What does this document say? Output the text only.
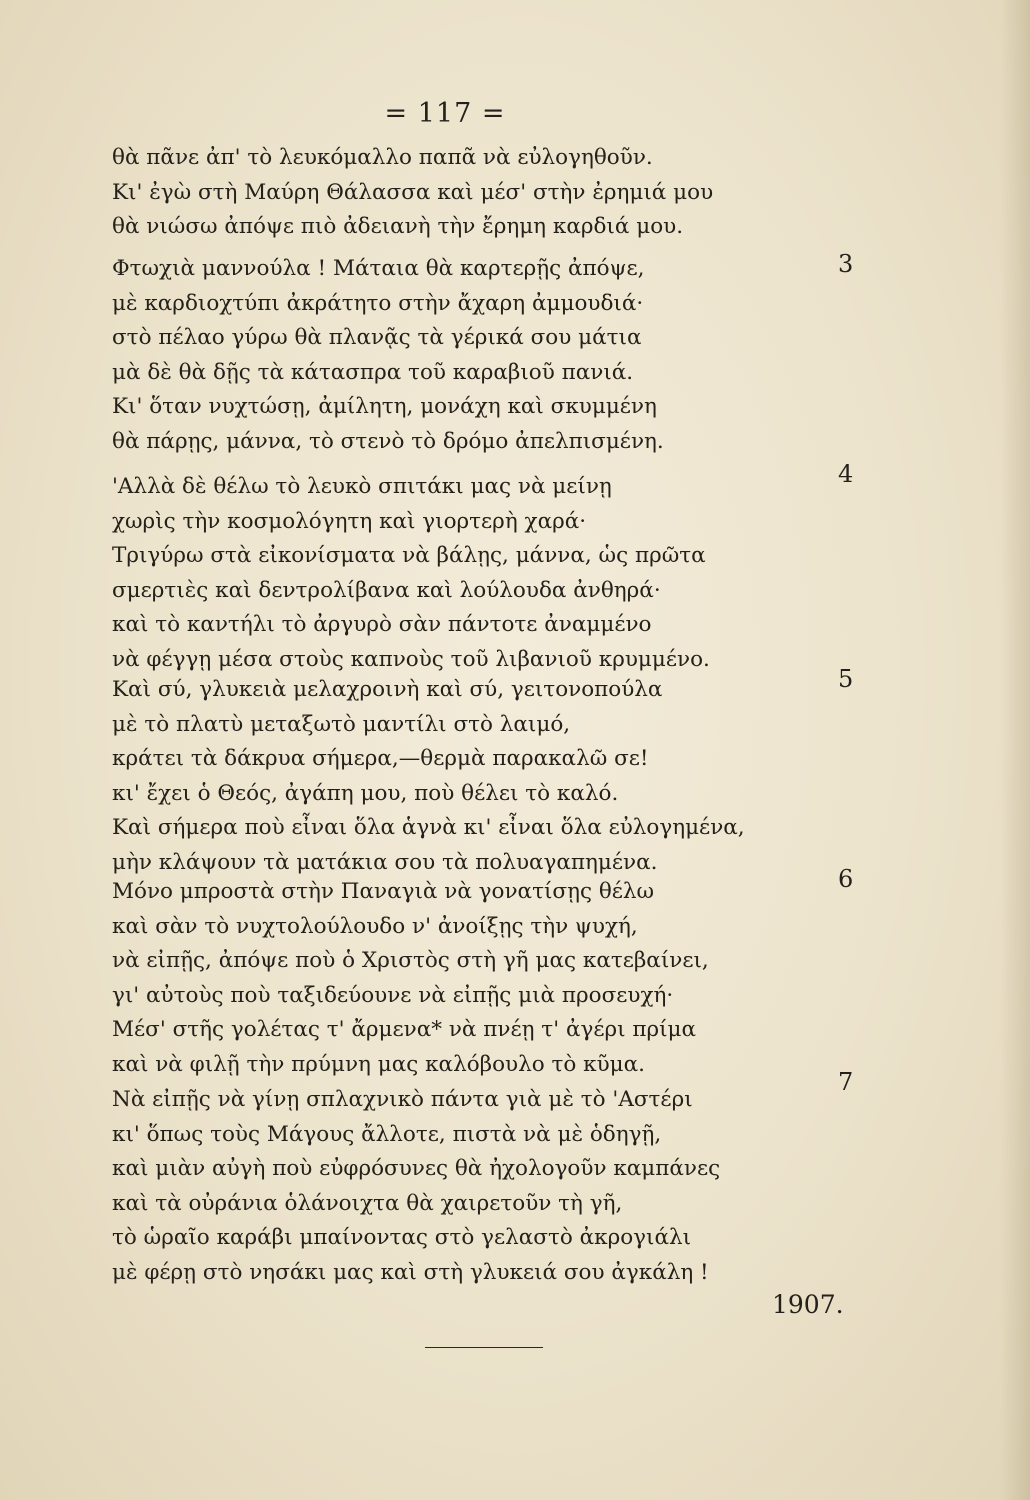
= 117 =
θὰ πᾶνε ἀπ' τὸ λευκόμαλλο παπᾶ νὰ εὐλογηθοῦν.
Κι' ἐγὼ στὴ Μαύρη Θάλασσα καὶ μέσ' στὴν ἐρημιά μου
θὰ νιώσω ἀπόψε πιὸ ἀδειανὴ τὴν ἔρημη καρδιά μου.
3
Φτωχιὰ μαννούλα ! Μάταια θὰ καρτερῇς ἀπόψε,
μὲ καρδιοχτύπι ἀκράτητο στὴν ἄχαρη ἀμμουδιά·
στὸ πέλαο γύρω θὰ πλανᾷς τὰ γέρικά σου μάτια
μὰ δὲ θὰ δῇς τὰ κάτασπρα τοῦ καραβιοῦ πανιά.
Κι' ὅταν νυχτώσῃ, ἀμίλητη, μονάχη καὶ σκυμμένη
θὰ πάρῃς, μάννα, τὸ στενὸ τὸ δρόμο ἀπελπισμένη.
4
'Αλλὰ δὲ θέλω τὸ λευκὸ σπιτάκι μας νὰ μείνῃ
χωρὶς τὴν κοσμολόγητη καὶ γιορτερὴ χαρά·
Τριγύρω στὰ εἰκονίσματα νὰ βάλῃς, μάννα, ὡς πρῶτα
σμερτιὲς καὶ δεντρολίβανα καὶ λούλουδα ἀνθηρά·
καὶ τὸ καντήλι τὸ ἀργυρὸ σὰν πάντοτε ἀναμμένο
νὰ φέγγῃ μέσα στοὺς καπνοὺς τοῦ λιβανιοῦ κρυμμένο.
5
Καὶ σύ, γλυκειὰ μελαχροινὴ καὶ σύ, γειτονοπούλα
μὲ τὸ πλατὺ μεταξωτὸ μαντίλι στὸ λαιμό,
κράτει τὰ δάκρυα σήμερα,—θερμὰ παρακαλῶ σε!
κι' ἔχει ὁ Θεός, ἀγάπη μου, ποὺ θέλει τὸ καλό.
Καὶ σήμερα ποὺ εἶναι ὅλα ἁγνὰ κι' εἶναι ὅλα εὐλογημένα,
μὴν κλάψουν τὰ ματάκια σου τὰ πολυαγαπημένα.
6
Μόνο μπροστὰ στὴν Παναγιὰ νὰ γονατίσῃς θέλω
καὶ σὰν τὸ νυχτολούλουδο ν' ἀνοίξῃς τὴν ψυχή,
νὰ εἰπῇς, ἀπόψε ποὺ ὁ Χριστὸς στὴ γῆ μας κατεβαίνει,
γι' αὐτοὺς ποὺ ταξιδεύουνε νὰ εἰπῇς μιὰ προσευχή·
Μέσ' στῆς γολέτας τ' ἄρμενα* νὰ πνέῃ τ' ἀγέρι πρίμα
καὶ νὰ φιλῇ τὴν πρύμνη μας καλόβουλο τὸ κῦμα.
7
Νὰ εἰπῇς νὰ γίνῃ σπλαχνικὸ πάντα γιὰ μὲ τὸ 'Αστέρι
κι' ὅπως τοὺς Μάγους ἄλλοτε, πιστὰ νὰ μὲ ὁδηγῇ,
καὶ μιὰν αὐγὴ ποὺ εὐφρόσυνες θὰ ἠχολογοῦν καμπάνες
καὶ τὰ οὐράνια ὁλάνοιχτα θὰ χαιρετοῦν τὴ γῆ,
τὸ ὡραῖο καράβι μπαίνοντας στὸ γελαστὸ ἀκρογιάλι
μὲ φέρῃ στὸ νησάκι μας καὶ στὴ γλυκειά σου ἀγκάλη !
1907.
